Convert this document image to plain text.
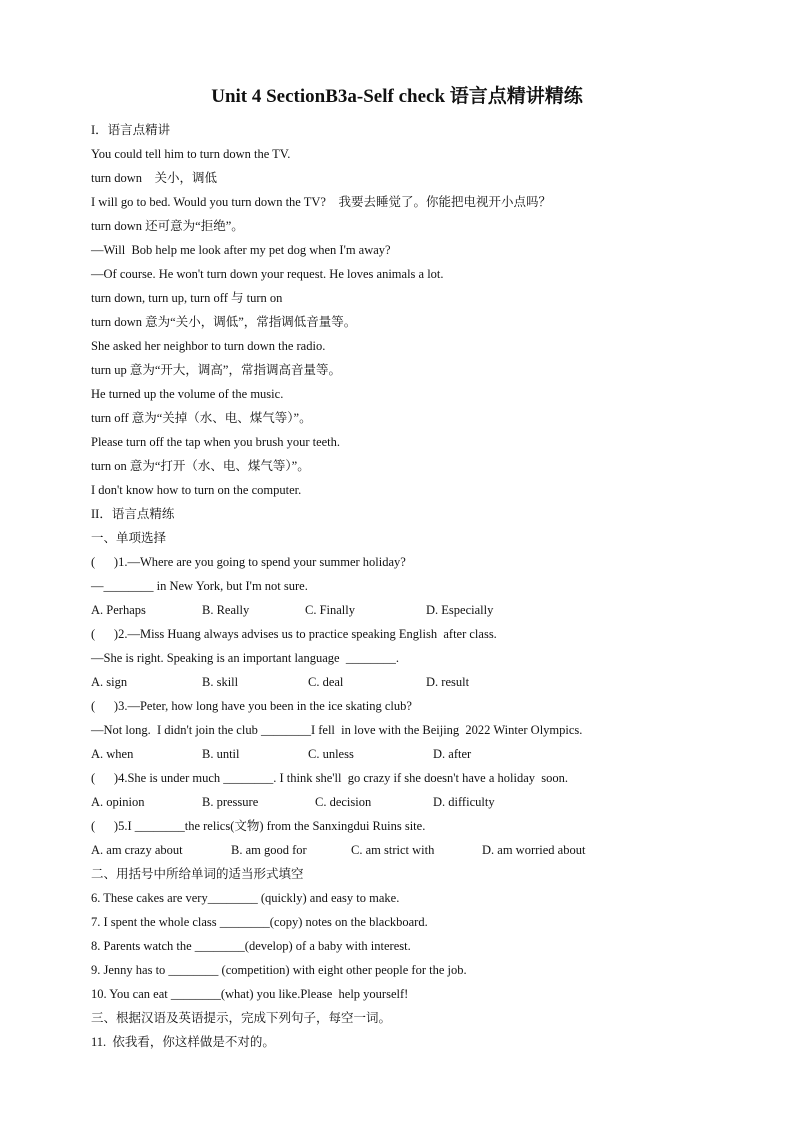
Unit 4 SectionB3a-Self check 语言点精讲精练
I．语言点精讲
You could tell him to turn down the TV.
turn down    关小，调低
I will go to bed. Would you turn down the TV?    我要去睡觉了。你能把电视开小点吗？
turn down 还可意为“拒绝”。
—Will  Bob help me look after my pet dog when I'm away?
—Of course. He won't turn down your request. He loves animals a lot.
turn down, turn up, turn off 与 turn on
turn down 意为“关小，调低”，常指调低音量等。
She asked her neighbor to turn down the radio.
turn up 意为“开大，调高”，常指调高音量等。
He turned up the volume of the music.
turn off 意为“关掉（水、电、煤气等）”。
Please turn off the tap when you brush your teeth.
turn on 意为“打开（水、电、煤气等）”。
I don't know how to turn on the computer.
II．语言点精练
一、单项选择
(      )1.—Where are you going to spend your summer holiday?
—________ in New York, but I'm not sure.
A. Perhaps	B. Really	C. Finally	D. Especially
(      )2.—Miss Huang always advises us to practice speaking English  after class.
—She is right. Speaking is an important language  ________.
A. sign	B. skill	C. deal	D. result
(      )3.—Peter, how long have you been in the ice skating club?
—Not long.  I didn't join the club ________I fell  in love with the Beijing  2022 Winter Olympics.
A. when	B. until	C. unless	D. after
(      )4.She is under much ________. I think she'll  go crazy if she doesn't have a holiday  soon.
A. opinion	B. pressure	C. decision	D. difficulty
(      )5.I ________the relics(文物) from the Sanxingdui Ruins site.
A. am crazy about	B. am good for	C. am strict with	D. am worried about
二、用括号中所给单词的适当形式填空
6. These cakes are very________ (quickly) and easy to make.
7. I spent the whole class ________(copy) notes on the blackboard.
8. Parents watch the ________(develop) of a baby with interest.
9. Jenny has to ________ (competition) with eight other people for the job.
10. You can eat ________(what) you like.Please  help yourself!
三、根据汉语及英语提示，完成下列句子，每空一词。
11.  依我看，你这样做是不对的。
